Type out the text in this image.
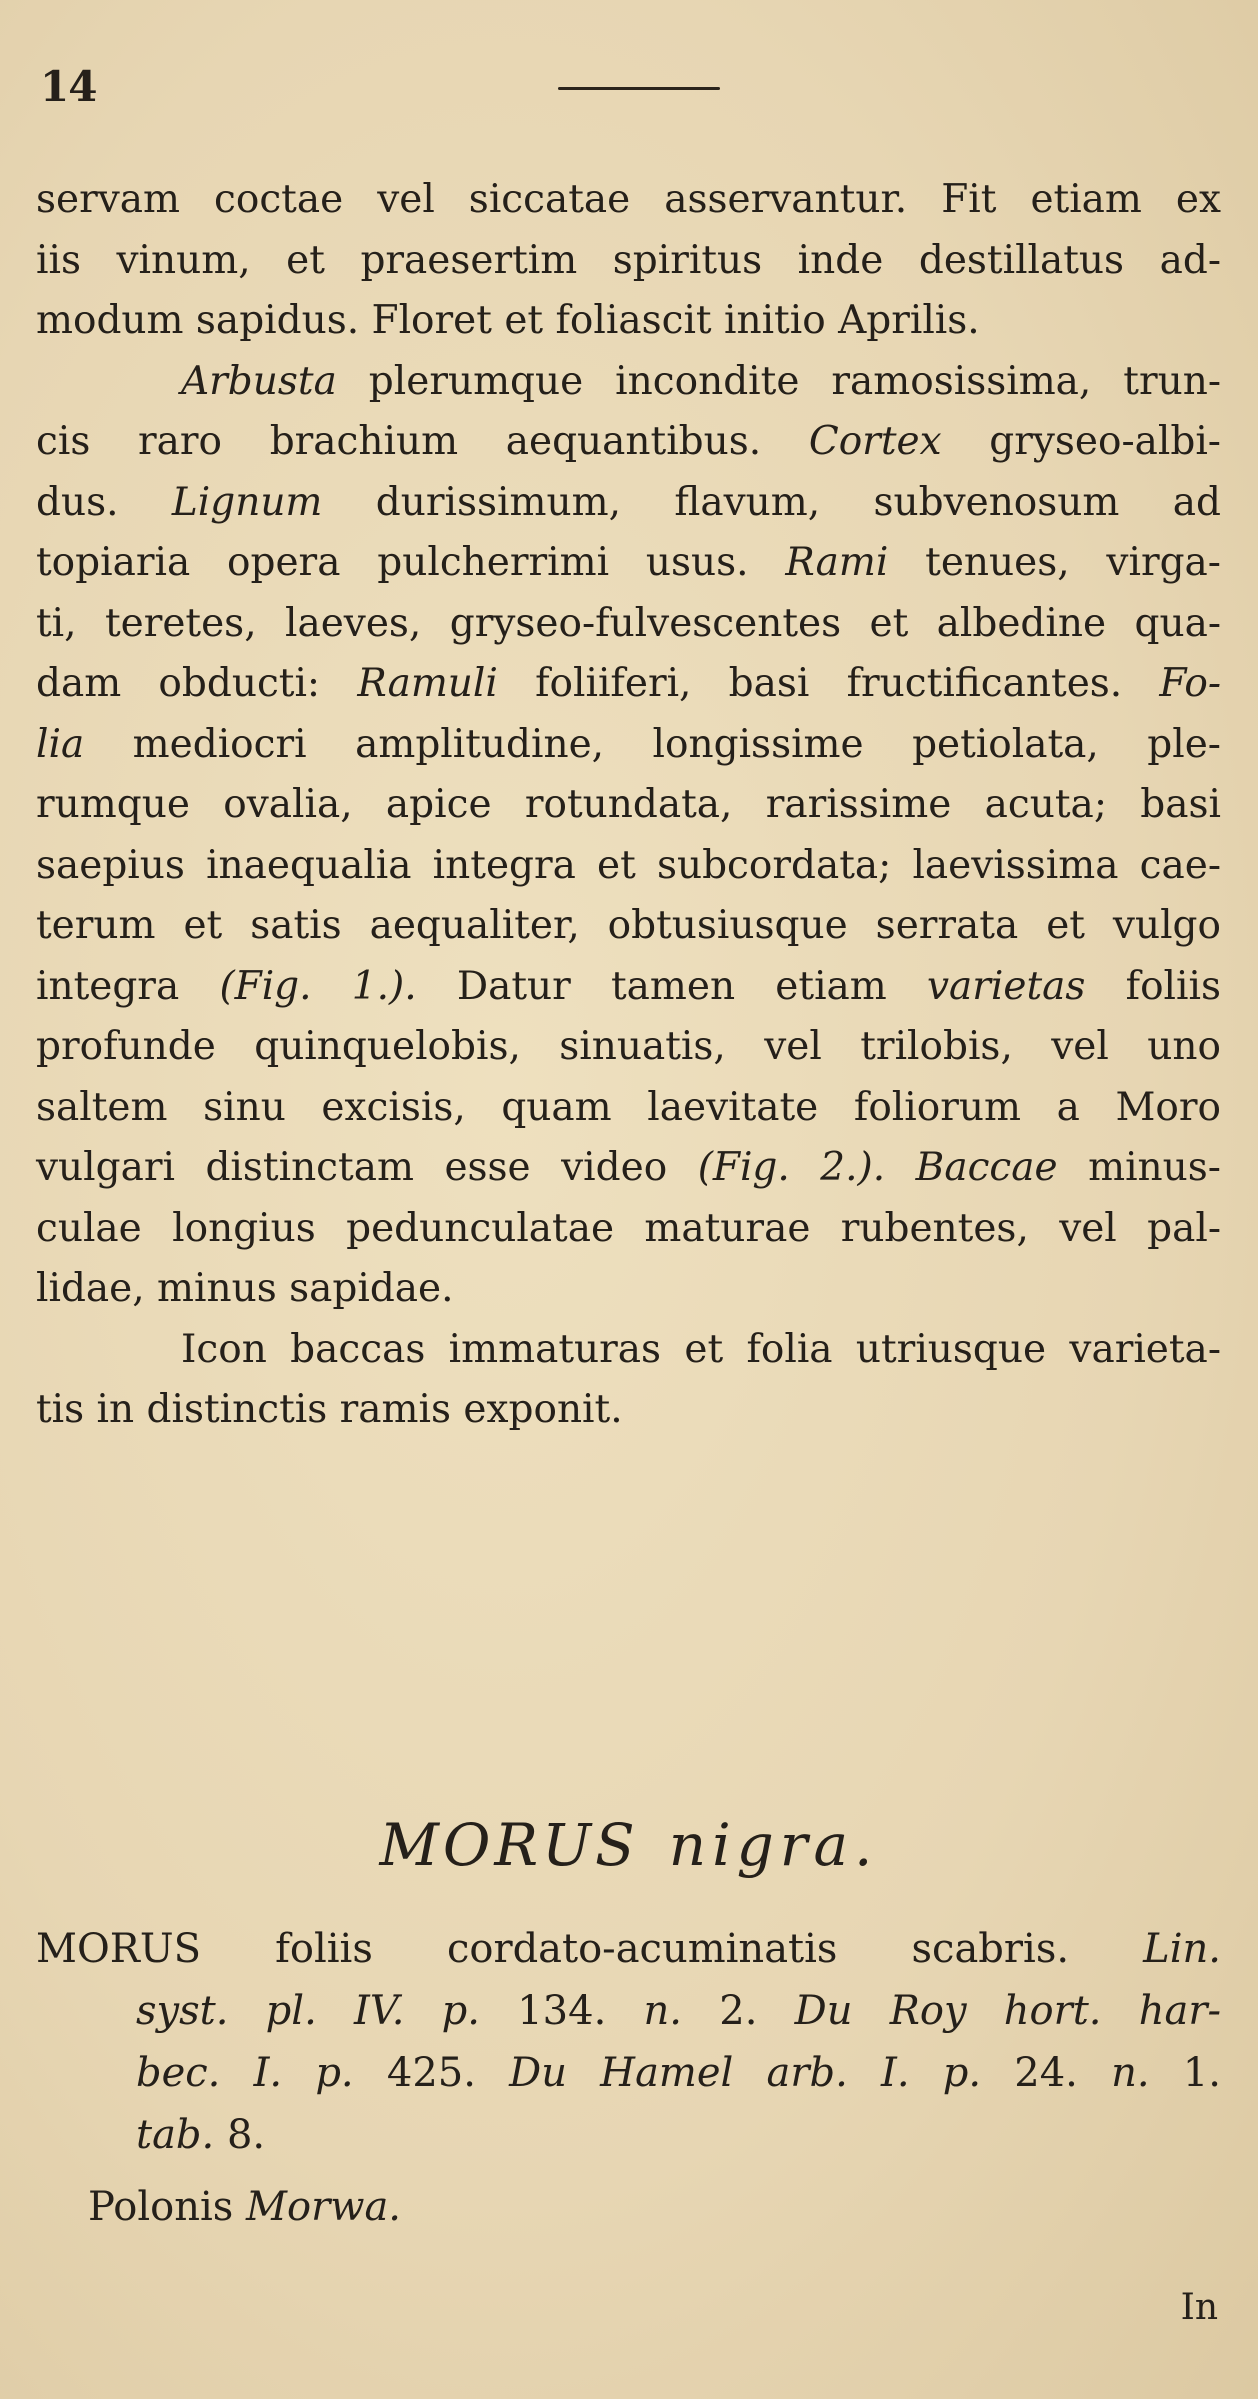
14
servam coctae vel siccatae asservantur. Fit etiam ex
iis vinum, et praesertim spiritus inde destillatus ad-
modum sapidus. Floret et foliascit initio Aprilis.
Arbusta plerumque incondite ramosissima, trun-
cis raro brachium aequantibus. Cortex gryseo-albi-
dus. Lignum durissimum, flavum, subvenosum ad
topiaria opera pulcherrimi usus. Rami tenues, virga-
ti, teretes, laeves, gryseo-fulvescentes et albedine qua-
dam obducti: Ramuli foliiferi, basi fructificantes. Fo-
lia mediocri amplitudine, longissime petiolata, ple-
rumque ovalia, apice rotundata, rarissime acuta; basi
saepius inaequalia integra et subcordata; laevissima cae-
terum et satis aequaliter, obtusiusque serrata et vulgo
integra (Fig. 1.). Datur tamen etiam varietas foliis
profunde quinquelobis, sinuatis, vel trilobis, vel uno
saltem sinu excisis, quam laevitate foliorum a Moro
vulgari distinctam esse video (Fig. 2.). Baccae minus-
culae longius pedunculatae maturae rubentes, vel pal-
lidae, minus sapidae.
Icon baccas immaturas et folia utriusque varieta-
tis in distinctis ramis exponit.
MORUS nigra.
MORUS foliis cordato-acuminatis scabris. Lin.
syst. pl. IV. p. 134. n. 2. Du Roy hort. har-
bec. I. p. 425. Du Hamel arb. I. p. 24. n. 1.
tab. 8.
Polonis Morwa.
In
